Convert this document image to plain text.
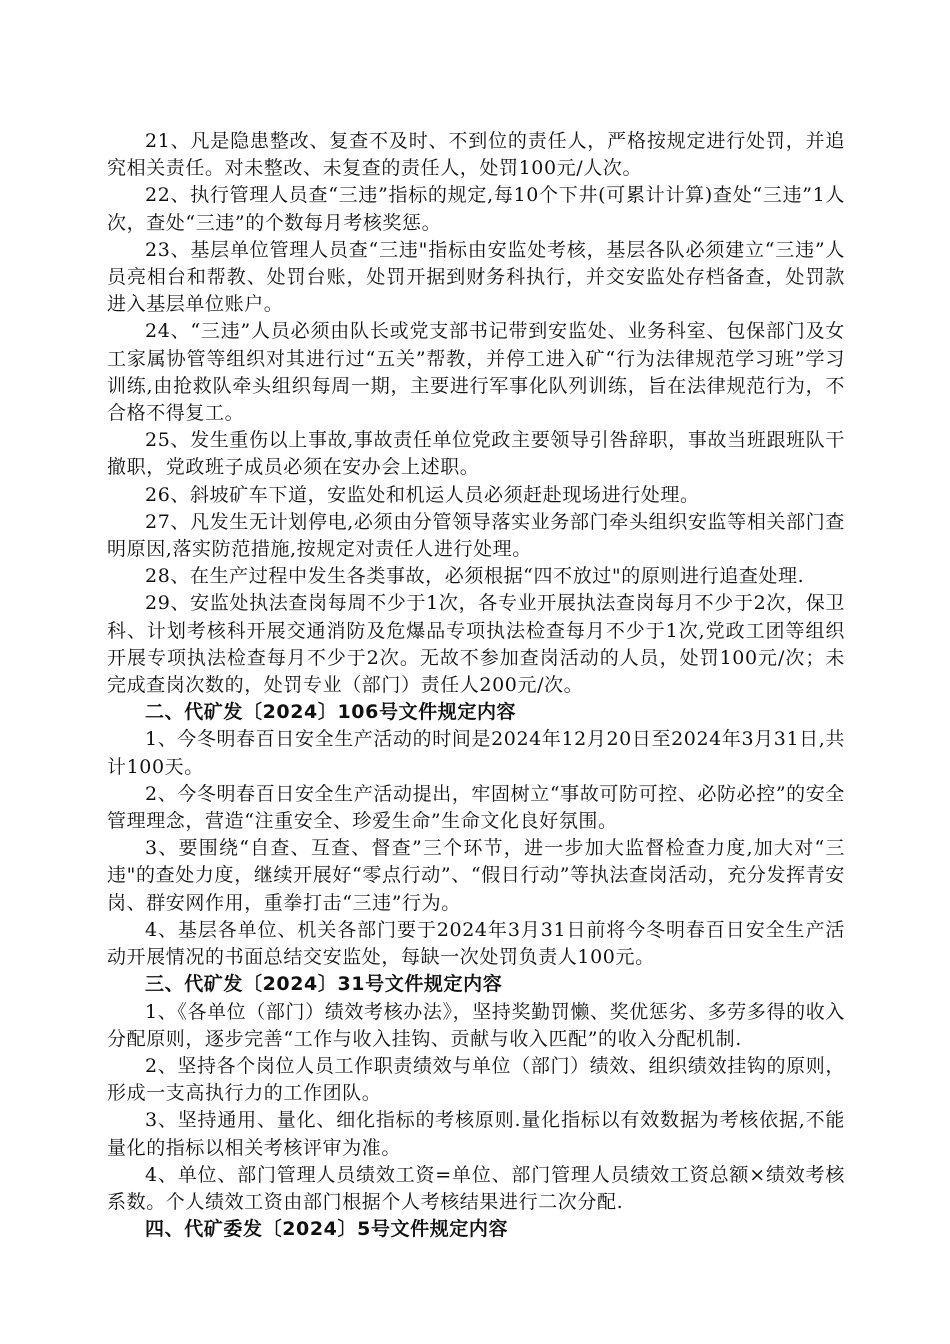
21、凡是隐患整改、复查不及时、不到位的责任人，严格按规定进行处罚，并追究相关责任。对未整改、未复查的责任人，处罚100元/人次。

22、执行管理人员查“三违”指标的规定,每10个下井(可累计计算)查处“三违”1人次，查处“三违”的个数每月考核奖惩。

23、基层单位管理人员查“三违"指标由安监处考核，基层各队必须建立“三违”人员亮相台和帮教、处罚台账，处罚开据到财务科执行，并交安监处存档备查，处罚款进入基层单位账户。

24、“三违”人员必须由队长或党支部书记带到安监处、业务科室、包保部门及女工家属协管等组织对其进行过“五关”帮教，并停工进入矿“行为法律规范学习班”学习训练,由抢救队牵头组织每周一期，主要进行军事化队列训练，旨在法律规范行为，不合格不得复工。

25、发生重伤以上事故,事故责任单位党政主要领导引咎辞职，事故当班跟班队干撤职，党政班子成员必须在安办会上述职。

26、斜坡矿车下道，安监处和机运人员必须赶赴现场进行处理。

27、凡发生无计划停电,必须由分管领导落实业务部门牵头组织安监等相关部门查明原因,落实防范措施,按规定对责任人进行处理。

28、在生产过程中发生各类事故，必须根据“四不放过"的原则进行追查处理.

29、安监处执法查岗每周不少于1次，各专业开展执法查岗每月不少于2次，保卫科、计划考核科开展交通消防及危爆品专项执法检查每月不少于1次,党政工团等组织开展专项执法检查每月不少于2次。无故不参加查岗活动的人员，处罚100元/次；未完成查岗次数的，处罚专业（部门）责任人200元/次。

二、代矿发〔2024〕106号文件规定内容

1、今冬明春百日安全生产活动的时间是2024年12月20日至2024年3月31日,共计100天。

2、今冬明春百日安全生产活动提出，牢固树立“事故可防可控、必防必控”的安全管理理念，营造“注重安全、珍爱生命”生命文化良好氛围。

3、要围绕“自查、互查、督查”三个环节，进一步加大监督检查力度,加大对“三违"的查处力度，继续开展好“零点行动”、“假日行动”等执法查岗活动，充分发挥青安岗、群安网作用，重拳打击“三违”行为。

4、基层各单位、机关各部门要于2024年3月31日前将今冬明春百日安全生产活动开展情况的书面总结交安监处，每缺一次处罚负责人100元。

三、代矿发〔2024〕31号文件规定内容

1、《各单位（部门）绩效考核办法》，坚持奖勤罚懒、奖优惩劣、多劳多得的收入分配原则，逐步完善“工作与收入挂钩、贡献与收入匹配”的收入分配机制.

2、坚持各个岗位人员工作职责绩效与单位（部门）绩效、组织绩效挂钩的原则，形成一支高执行力的工作团队。

3、坚持通用、量化、细化指标的考核原则.量化指标以有效数据为考核依据,不能量化的指标以相关考核评审为准。

4、单位、部门管理人员绩效工资=单位、部门管理人员绩效工资总额×绩效考核系数。个人绩效工资由部门根据个人考核结果进行二次分配.

四、代矿委发〔2024〕5号文件规定内容
